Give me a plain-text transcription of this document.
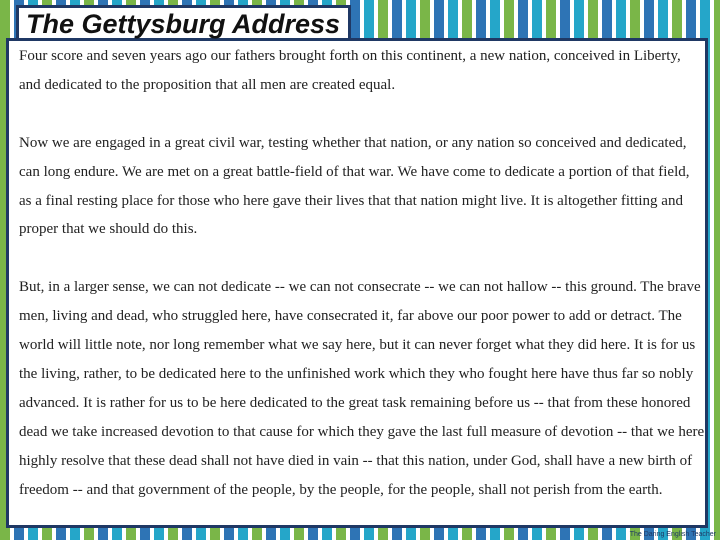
Four score and seven years ago our fathers brought forth on this continent, a new nation, conceived in Liberty, and dedicated to the proposition that all men are created equal.

Now we are engaged in a great civil war, testing whether that nation, or any nation so conceived and dedicated, can long endure. We are met on a great battle-field of that war. We have come to dedicate a portion of that field, as a final resting place for those who here gave their lives that that nation might live. It is altogether fitting and proper that we should do this.

But, in a larger sense, we can not dedicate -- we can not consecrate -- we can not hallow -- this ground. The brave men, living and dead, who struggled here, have consecrated it, far above our poor power to add or detract. The world will little note, nor long remember what we say here, but it can never forget what they did here. It is for us the living, rather, to be dedicated here to the unfinished work which they who fought here have thus far so nobly advanced. It is rather for us to be here dedicated to the great task remaining before us -- that from these honored dead we take increased devotion to that cause for which they gave the last full measure of devotion -- that we here highly resolve that these dead shall not have died in vain -- that this nation, under God, shall have a new birth of freedom -- and that government of the people, by the people, for the people, shall not perish from the earth.

The Gettysburg Address
The Daring English Teacher
